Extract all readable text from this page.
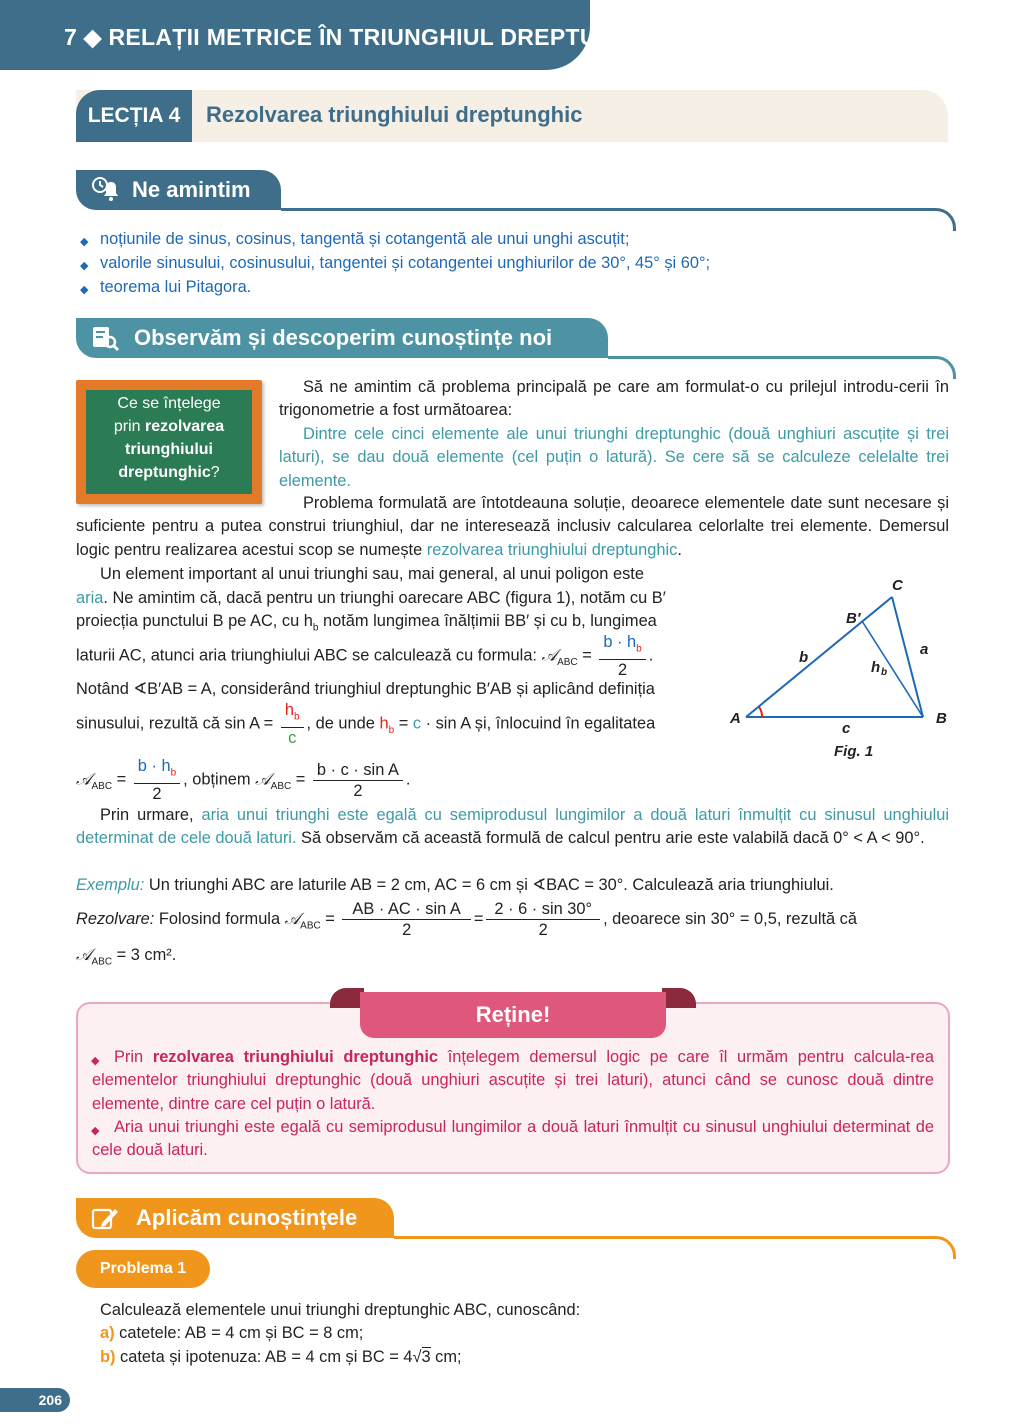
7 ◆ RELAȚII METRICE ÎN TRIUNGHIUL DREPTUNGHIC
LECȚIA 4	Rezolvarea triunghiului dreptunghic
Ne amintim
◆ noțiunile de sinus, cosinus, tangentă și cotangentă ale unui unghi ascuțit;
◆ valorile sinusului, cosinusului, tangentei și cotangentei unghiurilor de 30°, 45° și 60°;
◆ teorema lui Pitagora.
Observăm și descoperim cunoștințe noi
Ce se înțelege
prin rezolvarea
triunghiului
dreptunghic?
Să ne amintim că problema principală pe care am formulat-o cu prilejul introdu-cerii în trigonometrie a fost următoarea:
Dintre cele cinci elemente ale unui triunghi dreptunghic (două unghiuri ascuțite și trei laturi), se dau două elemente (cel puțin o latură). Se cere să se calculeze celelalte trei elemente.
Problema formulată are întotdeauna soluție, deoarece elementele date sunt necesare și suficiente pentru a putea construi triunghiul, dar ne interesează inclusiv calcularea celorlalte trei elemente. Demersul logic pentru realizarea acestui scop se numește rezolvarea triunghiului dreptunghic.
Un element important al unui triunghi sau, mai general, al unui poligon este
aria. Ne amintim că, dacă pentru un triunghi oarecare ABC (figura 1), notăm cu B′
proiecția punctului B pe AC, cu $h_b$ notăm lungimea înălțimii BB′ și cu b, lungimea
laturii AC, atunci aria triunghiului ABC se calculează cu formula: 𝒜$_{ABC}$ = $\frac{b \cdot h_b}{2}$ .
Notând ∢B′AB = A, considerând triunghiul dreptunghic B′AB și aplicând definiția
sinusului, rezultă că $\sin A = \frac{h_b}{c}$ , de unde $h_b = c \cdot \sin A$ și, înlocuind în egalitatea
𝒜$_{ABC}$ = $\frac{b \cdot h_b}{2}$ , obținem 𝒜$_{ABC}$ = $\frac{\text{b · c · sin A}}{2}$ .
A	B
C
B′
a
b
c
h b
Fig. 1
Prin urmare, aria unui triunghi este egală cu semiprodusul lungimilor a două laturi înmulțit cu sinusul unghiului determinat de cele două laturi. Să observăm că această formulă de calcul pentru arie este valabilă dacă 0° < A < 90°.
Exemplu: Un triunghi ABC are laturile AB = 2 cm, AC = 6 cm și ∢BAC = 30°. Calculează aria triunghiului.
Rezolvare: Folosind formula 𝒜$_{ABC}$ = $\frac{\text{AB · AC · sin A}}{2} = \frac{2 \cdot 6 \cdot \sin 30^\circ}{2}$ , deoarece sin 30° = 0,5, rezultă că
𝒜$_{ABC}$ = 3 cm².
Reține!
◆ Prin rezolvarea triunghiului dreptunghic înțelegem demersul logic pe care îl urmăm pentru calcula-rea elementelor triunghiului dreptunghic (două unghiuri ascuțite și trei laturi), atunci când se cunosc două dintre elemente, dintre care cel puțin o latură.
◆ Aria unui triunghi este egală cu semiprodusul lungimilor a două laturi înmulțit cu sinusul unghiului determinat de cele două laturi.
Aplicăm cunoștințele
Problema 1
Calculează elementele unui triunghi dreptunghic ABC, cunoscând:
a) catetele: AB = 4 cm și BC = 8 cm;
b) cateta și ipotenuza: AB = 4 cm și BC = 4√3 cm;
206
